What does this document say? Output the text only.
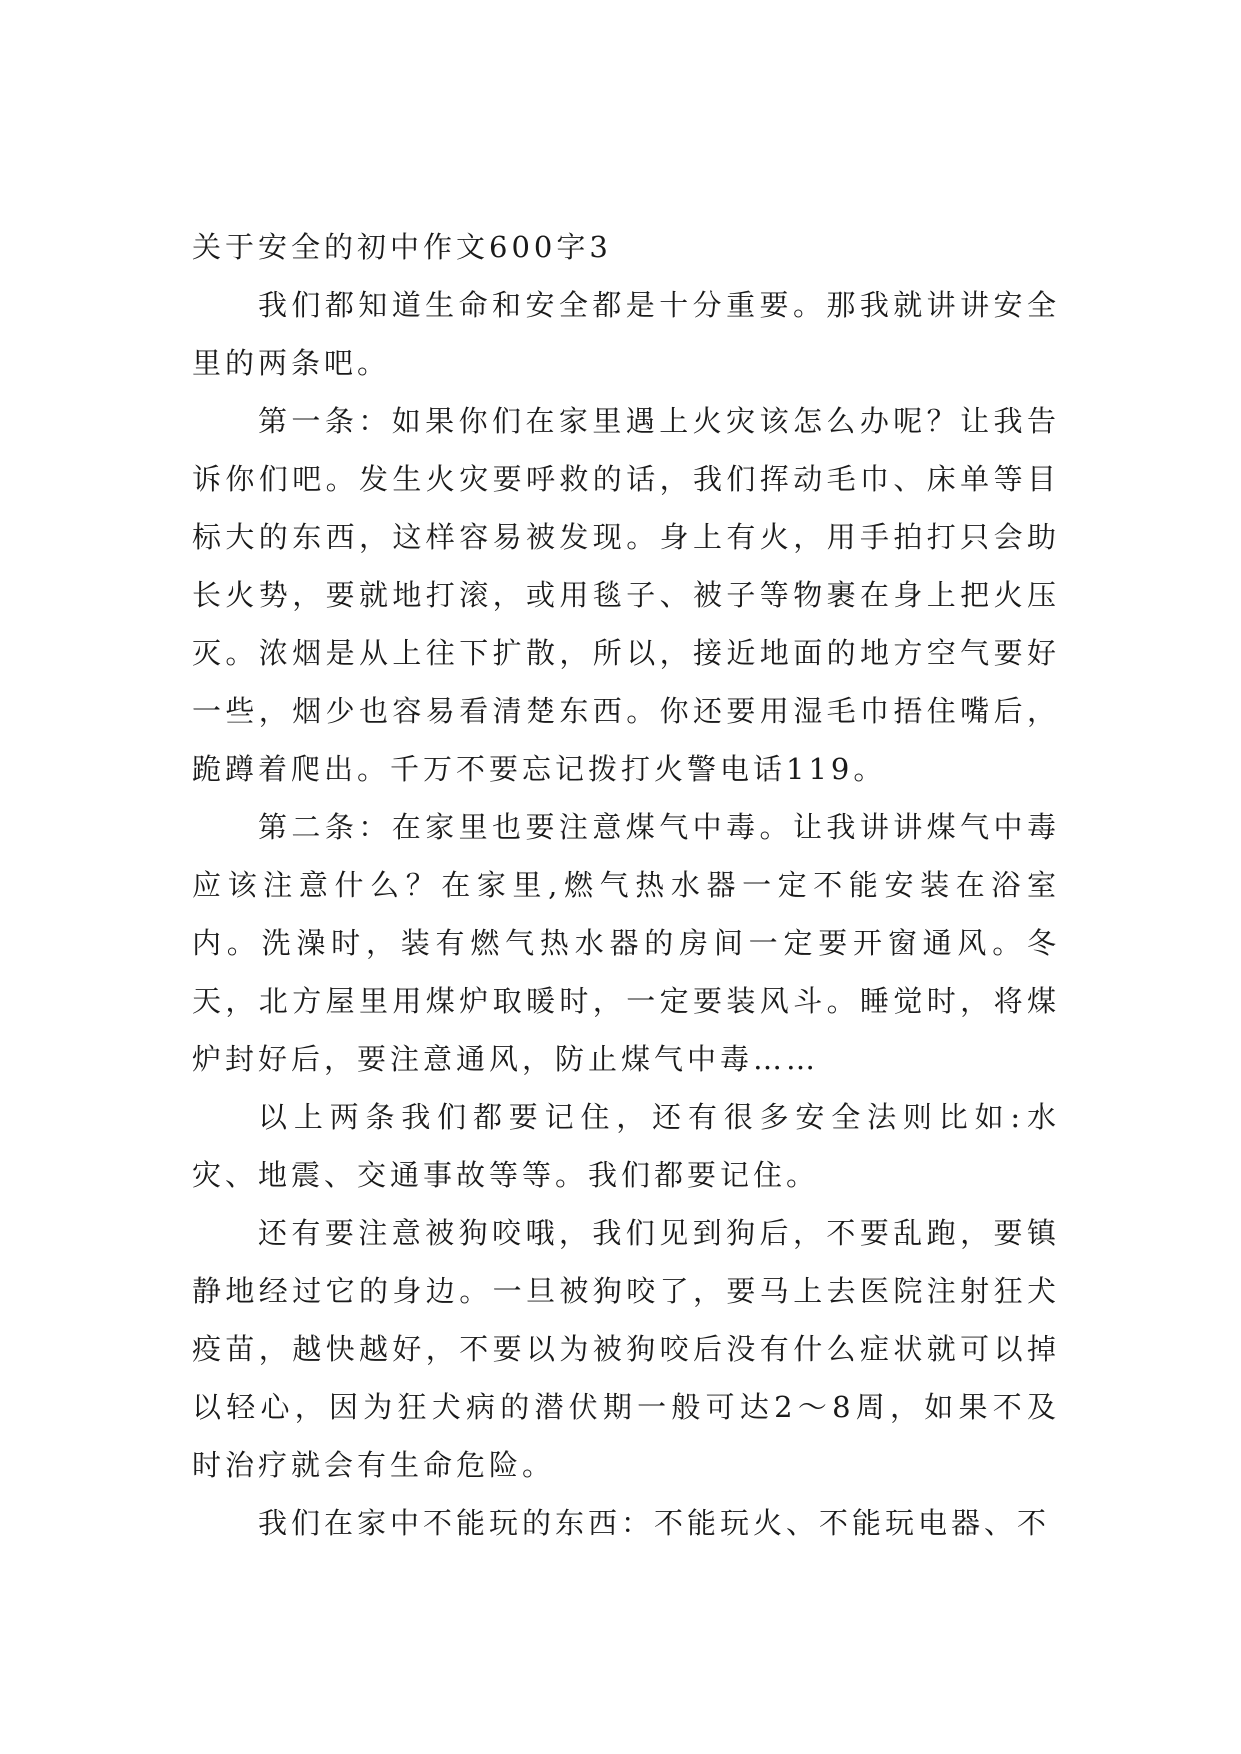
关于安全的初中作文600字3

我们都知道生命和安全都是十分重要。那我就讲讲安全里的两条吧。

第一条：如果你们在家里遇上火灾该怎么办呢？让我告诉你们吧。发生火灾要呼救的话，我们挥动毛巾、床单等目标大的东西，这样容易被发现。身上有火，用手拍打只会助长火势，要就地打滚，或用毯子、被子等物裹在身上把火压灭。浓烟是从上往下扩散，所以，接近地面的地方空气要好一些，烟少也容易看清楚东西。你还要用湿毛巾捂住嘴后，跪蹲着爬出。千万不要忘记拨打火警电话119。

第二条：在家里也要注意煤气中毒。让我讲讲煤气中毒应该注意什么？在家里,燃气热水器一定不能安装在浴室内。洗澡时，装有燃气热水器的房间一定要开窗通风。冬天，北方屋里用煤炉取暖时，一定要装风斗。睡觉时，将煤炉封好后，要注意通风，防止煤气中毒……

以上两条我们都要记住，还有很多安全法则比如:水灾、地震、交通事故等等。我们都要记住。

还有要注意被狗咬哦，我们见到狗后，不要乱跑，要镇静地经过它的身边。一旦被狗咬了，要马上去医院注射狂犬疫苗，越快越好，不要以为被狗咬后没有什么症状就可以掉以轻心，因为狂犬病的潜伏期一般可达2～8周，如果不及时治疗就会有生命危险。

我们在家中不能玩的东西：不能玩火、不能玩电器、不
